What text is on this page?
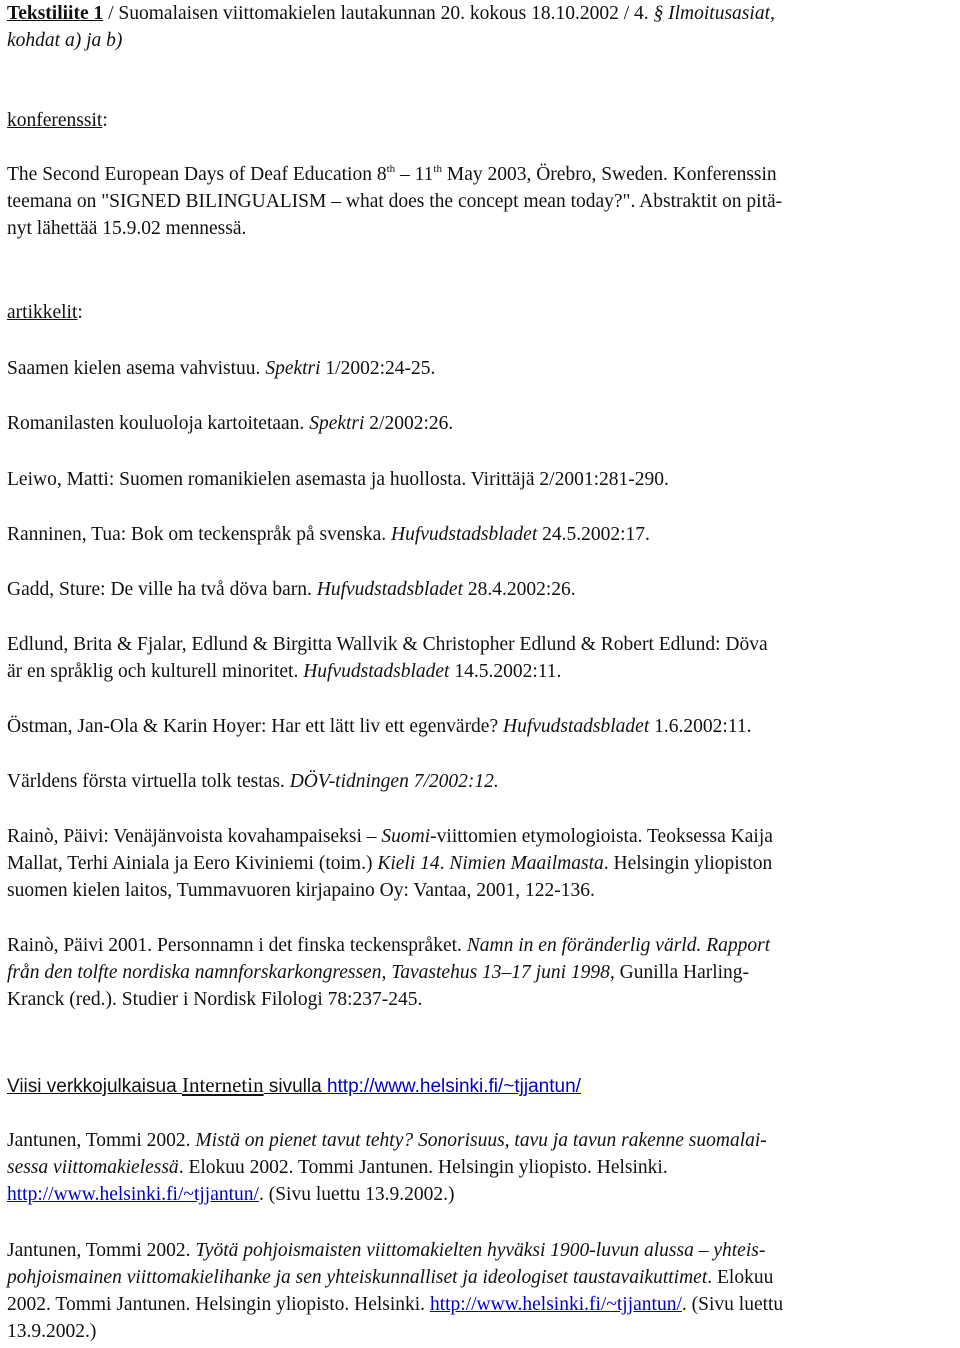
Tekstiliite 1 / Suomalaisen viittomakielen lautakunnan 20. kokous 18.10.2002 / 4. § Ilmoitusasiat,
kohdat a) ja b)

konferenssit:

The Second European Days of Deaf Education 8th – 11th May 2003, Örebro, Sweden. Konferenssin
teemana on "SIGNED BILINGUALISM – what does the concept mean today?". Abstraktit on pitä-
nyt lähettää 15.9.02 mennessä.

artikkelit:

Saamen kielen asema vahvistuu. Spektri 1/2002:24-25.

Romanilasten kouluoloja kartoitetaan. Spektri 2/2002:26.

Leiwo, Matti: Suomen romanikielen asemasta ja huollosta. Virittäjä 2/2001:281-290.

Ranninen, Tua: Bok om teckenspråk på svenska. Hufvudstadsbladet 24.5.2002:17.

Gadd, Sture: De ville ha två döva barn. Hufvudstadsbladet 28.4.2002:26.

Edlund, Brita & Fjalar, Edlund & Birgitta Wallvik & Christopher Edlund & Robert Edlund: Döva
är en språklig och kulturell minoritet. Hufvudstadsbladet 14.5.2002:11.

Östman, Jan-Ola & Karin Hoyer: Har ett lätt liv ett egenvärde? Hufvudstadsbladet 1.6.2002:11.

Världens första virtuella tolk testas. DÖV-tidningen 7/2002:12.

Rainò, Päivi: Venäjänvoista kovahampaiseksi – Suomi-viittomien etymologioista. Teoksessa Kaija
Mallat, Terhi Ainiala ja Eero Kiviniemi (toim.) Kieli 14. Nimien Maailmasta. Helsingin yliopiston
suomen kielen laitos, Tummavuoren kirjapaino Oy: Vantaa, 2001, 122-136.

Rainò, Päivi 2001. Personnamn i det finska teckenspråket. Namn in en föränderlig värld. Rapport
från den tolfte nordiska namnforskarkongressen, Tavastehus 13–17 juni 1998, Gunilla Harling-
Kranck (red.). Studier i Nordisk Filologi 78:237-245.

Viisi verkkojulkaisua Internetin sivulla http://www.helsinki.fi/~tjjantun/

Jantunen, Tommi 2002. Mistä on pienet tavut tehty? Sonorisuus, tavu ja tavun rakenne suomalai-
sessa viittomakielessä. Elokuu 2002. Tommi Jantunen. Helsingin yliopisto. Helsinki.
http://www.helsinki.fi/~tjjantun/. (Sivu luettu 13.9.2002.)

Jantunen, Tommi 2002. Työtä pohjoismaisten viittomakielten hyväksi 1900-luvun alussa – yhteis-
pohjoismainen viittomakielihanke ja sen yhteiskunnalliset ja ideologiset taustavaikuttimet. Elokuu
2002. Tommi Jantunen. Helsingin yliopisto. Helsinki. http://www.helsinki.fi/~tjjantun/. (Sivu luettu
13.9.2002.)
